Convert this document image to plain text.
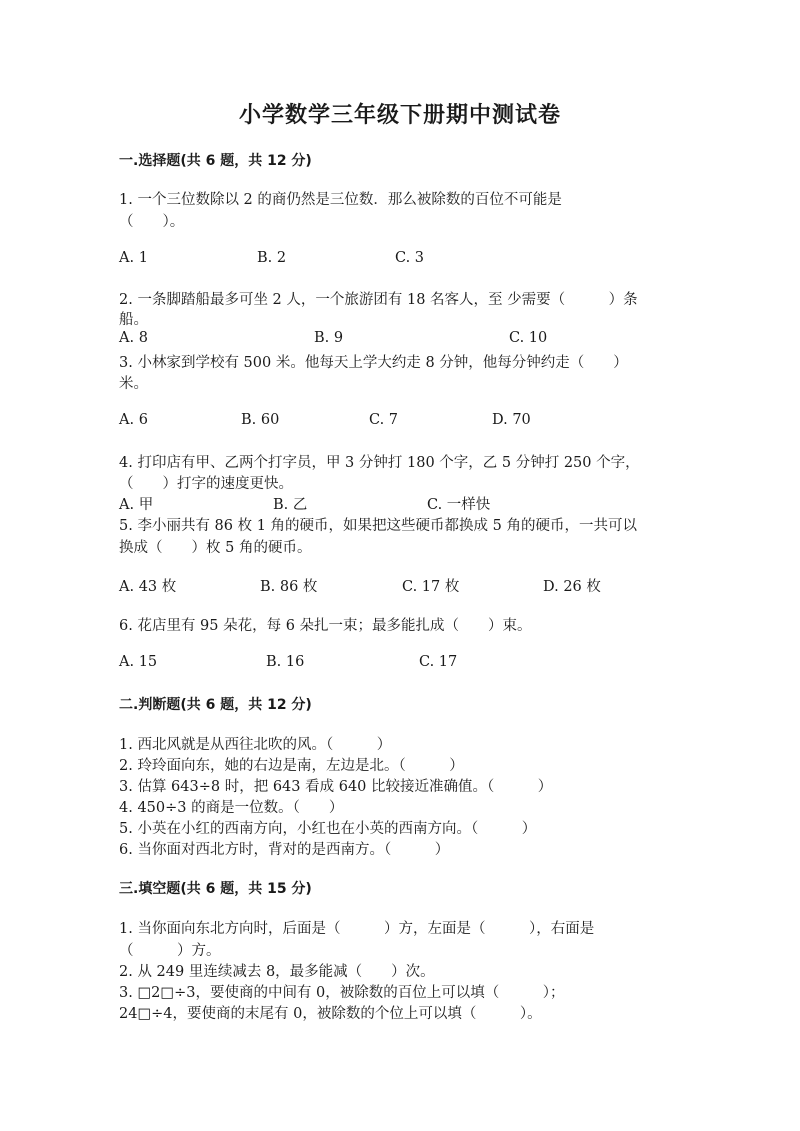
小学数学三年级下册期中测试卷
一.选择题(共 6 题，共 12 分)
1. 一个三位数除以 2 的商仍然是三位数．那么被除数的百位不可能是
（　　）。
A. 1	B. 2	C. 3
2. 一条脚踏船最多可坐 2 人，一个旅游团有 18 名客人，至 少需要（　　　）条
船。
A. 8	B. 9	C. 10
3. 小林家到学校有 500 米。他每天上学大约走 8 分钟，他每分钟约走（　　）
米。
A. 6	B. 60	C. 7	D. 70
4. 打印店有甲、乙两个打字员，甲 3 分钟打 180 个字，乙 5 分钟打 250 个字，
（　　）打字的速度更快。
A. 甲	B. 乙	C. 一样快
5. 李小丽共有 86 枚 1 角的硬币，如果把这些硬币都换成 5 角的硬币，一共可以
换成（　　）枚 5 角的硬币。
A. 43 枚	B. 86 枚	C. 17 枚	D. 26 枚
6. 花店里有 95 朵花，每 6 朵扎一束；最多能扎成（　　）束。
A. 15	B. 16	C. 17
二.判断题(共 6 题，共 12 分)
1. 西北风就是从西往北吹的风。（　　　）
2. 玲玲面向东，她的右边是南，左边是北。（　　　）
3. 估算 643÷8 时，把 643 看成 640 比较接近准确值。（　　　）
4. 450÷3 的商是一位数。（　　）
5. 小英在小红的西南方向，小红也在小英的西南方向。（　　　）
6. 当你面对西北方时，背对的是西南方。（　　　）
三.填空题(共 6 题，共 15 分)
1. 当你面向东北方向时，后面是（　　　）方，左面是（　　　），右面是
（　　　）方。
2. 从 249 里连续减去 8，最多能减（　　）次。
3. □2□÷3，要使商的中间有 0，被除数的百位上可以填（　　　）；
24□÷4，要使商的末尾有 0，被除数的个位上可以填（　　　）。
